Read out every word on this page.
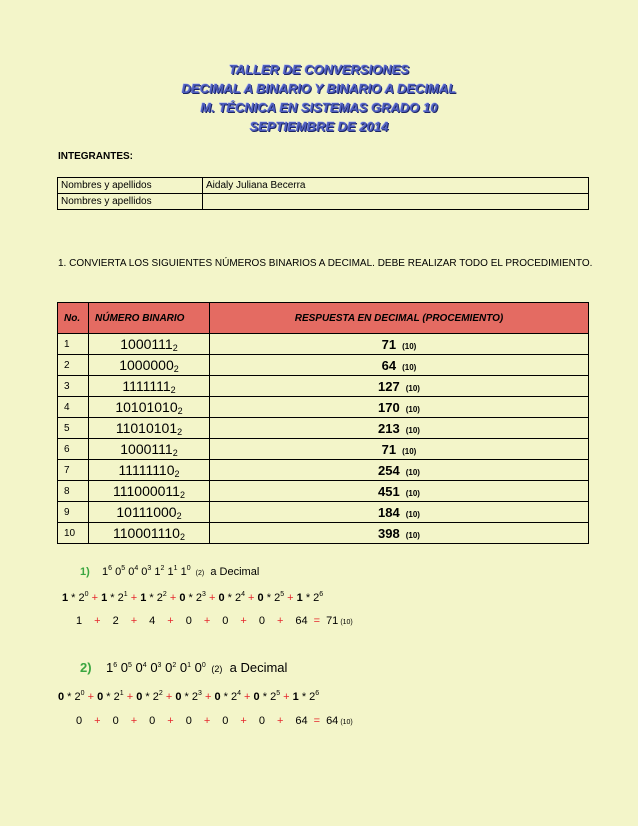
TALLER DE CONVERSIONES
DECIMAL A BINARIO Y BINARIO A DECIMAL
M. TÉCNICA EN SISTEMAS GRADO 10
SEPTIEMBRE DE 2014
INTEGRANTES:
Nombres y apellidos	Aidaly Juliana Becerra
Nombres y apellidos	
1. CONVIERTA LOS SIGUIENTES NÚMEROS BINARIOS A DECIMAL. DEBE REALIZAR TODO EL PROCEDIMIENTO.
No.	NÚMERO BINARIO	RESPUESTA EN DECIMAL (PROCEMIENTO)
1	$1000111_2$	71 (10)
2	$1000000_2$	64 (10)
3	$1111111_2$	127 (10)
4	$10101010_2$	170 (10)
5	$11010101_2$	213 (10)
6	$1000111_2$	71 (10)
7	$11111110_2$	254 (10)
8	$111000011_2$	451 (10)
9	$10111000_2$	184 (10)
10	$110001110_2$	398 (10)
1) $1^6$ $0^5$ $0^4$ $0^3$ $1^2$ $1^1$ $1^0$ (2) a Decimal
$1 * 2^0 + 1 * 2^1 + 1 * 2^2 + 0 * 2^3 + 0 * 2^4 + 0 * 2^5 + 1 * 2^6$
1 + 2 + 4 + 0 + 0 + 0 + 64 = 71 (10)
2) $1^6$ $0^5$ $0^4$ $0^3$ $0^2$ $0^1$ $0^0$ (2) a Decimal
$0 * 2^0 + 0 * 2^1 + 0 * 2^2 + 0 * 2^3 + 0 * 2^4 + 0 * 2^5 + 1 * 2^6$
0 + 0 + 0 + 0 + 0 + 0 + 64 = 64 (10)
